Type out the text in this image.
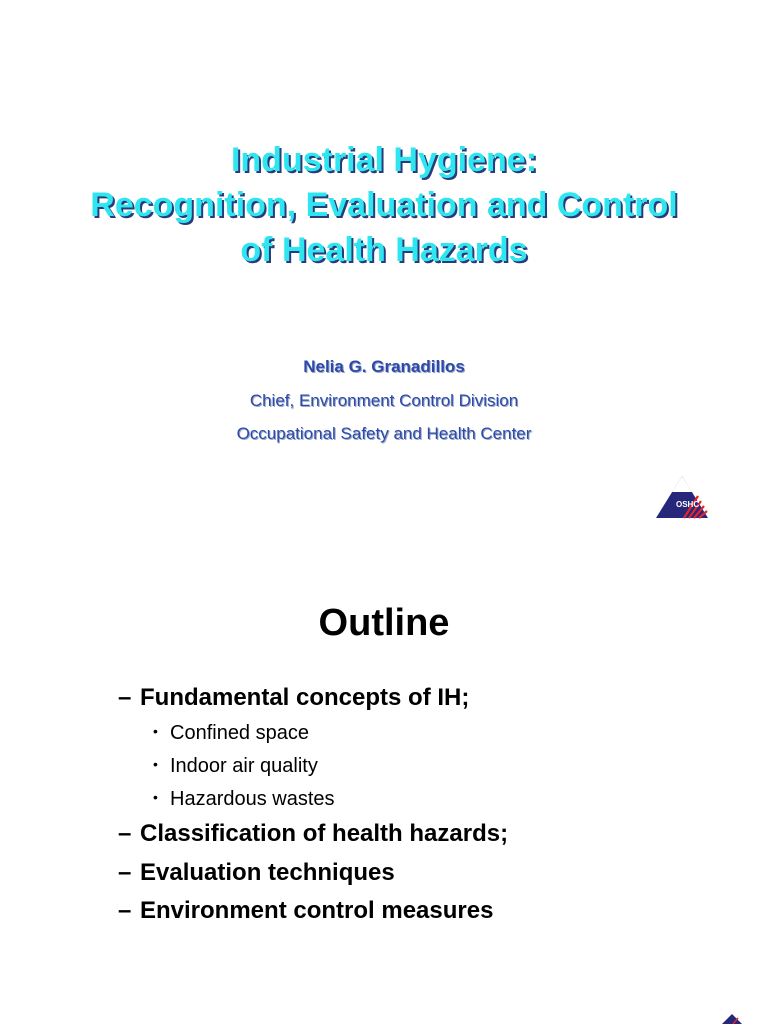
Industrial Hygiene:
Recognition, Evaluation and Control
of Health Hazards
Nelia G. Granadillos
Chief, Environment Control Division
Occupational Safety and Health Center
OSHC
Outline
– Fundamental concepts of IH;
• Confined space
• Indoor air quality
• Hazardous wastes
– Classification of health hazards;
– Evaluation techniques
– Environment control measures
